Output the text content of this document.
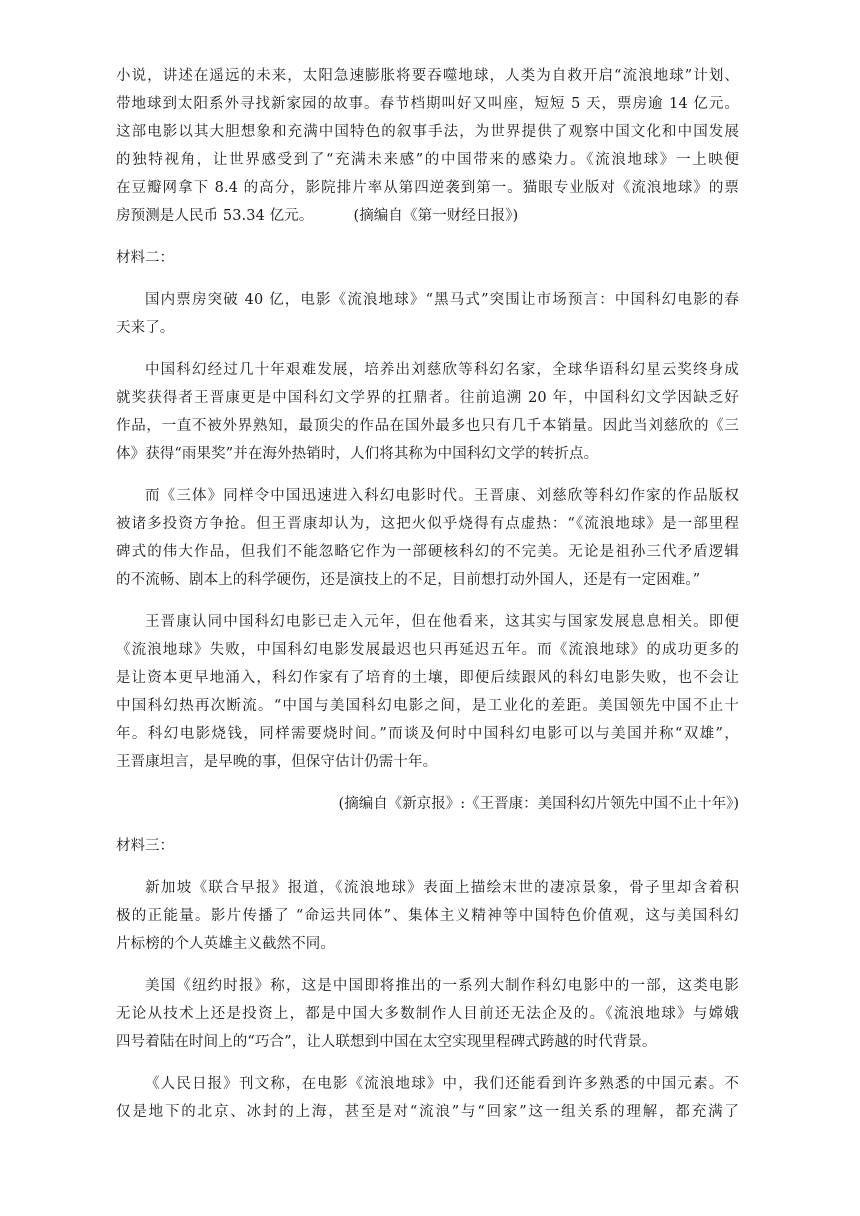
小说，讲述在遥远的未来，太阳急速膨胀将要吞噬地球，人类为自救开启“流浪地球”计划、
带地球到太阳系外寻找新家园的故事。春节档期叫好又叫座，短短 5 天，票房逾 14 亿元。
这部电影以其大胆想象和充满中国特色的叙事手法，为世界提供了观察中国文化和中国发展
的独特视角，让世界感受到了“充满未来感”的中国带来的感染力。《流浪地球》一上映便
在豆瓣网拿下 8.4 的高分，影院排片率从第四逆袭到第一。猫眼专业版对《流浪地球》的票
房预测是人民币 53.34 亿元。	(摘编自《第一财经日报》)
材料二：
国内票房突破 40 亿，电影《流浪地球》“黑马式”突围让市场预言：中国科幻电影的春
天来了。
中国科幻经过几十年艰难发展，培养出刘慈欣等科幻名家，全球华语科幻星云奖终身成
就奖获得者王晋康更是中国科幻文学界的扛鼎者。往前追溯 20 年，中国科幻文学因缺乏好
作品，一直不被外界熟知，最顶尖的作品在国外最多也只有几千本销量。因此当刘慈欣的《三
体》获得“雨果奖”并在海外热销时，人们将其称为中国科幻文学的转折点。
而《三体》同样令中国迅速进入科幻电影时代。王晋康、刘慈欣等科幻作家的作品版权
被诸多投资方争抢。但王晋康却认为，这把火似乎烧得有点虚热：“《流浪地球》是一部里程
碑式的伟大作品，但我们不能忽略它作为一部硬核科幻的不完美。无论是祖孙三代矛盾逻辑
的不流畅、剧本上的科学硬伤，还是演技上的不足，目前想打动外国人，还是有一定困难。”
王晋康认同中国科幻电影已走入元年，但在他看来，这其实与国家发展息息相关。即便
《流浪地球》失败，中国科幻电影发展最迟也只再延迟五年。而《流浪地球》的成功更多的
是让资本更早地涌入，科幻作家有了培育的土壤，即便后续跟风的科幻电影失败，也不会让
中国科幻热再次断流。“中国与美国科幻电影之间，是工业化的差距。美国领先中国不止十
年。科幻电影烧钱，同样需要烧时间。”而谈及何时中国科幻电影可以与美国并称“双雄”，
王晋康坦言，是早晚的事，但保守估计仍需十年。
(摘编自《新京报》:《王晋康：美国科幻片领先中国不止十年》)
材料三：
新加坡《联合早报》报道，《流浪地球》表面上描绘末世的凄凉景象，骨子里却含着积
极的正能量。影片传播了 “命运共同体”、集体主义精神等中国特色价值观，这与美国科幻
片标榜的个人英雄主义截然不同。
美国《纽约时报》称，这是中国即将推出的一系列大制作科幻电影中的一部，这类电影
无论从技术上还是投资上，都是中国大多数制作人目前还无法企及的。《流浪地球》与嫦娥
四号着陆在时间上的“巧合”，让人联想到中国在太空实现里程碑式跨越的时代背景。
《人民日报》刊文称，在电影《流浪地球》中，我们还能看到许多熟悉的中国元素。不
仅是地下的北京、冰封的上海，甚至是对“流浪”与“回家”这一组关系的理解，都充满了
